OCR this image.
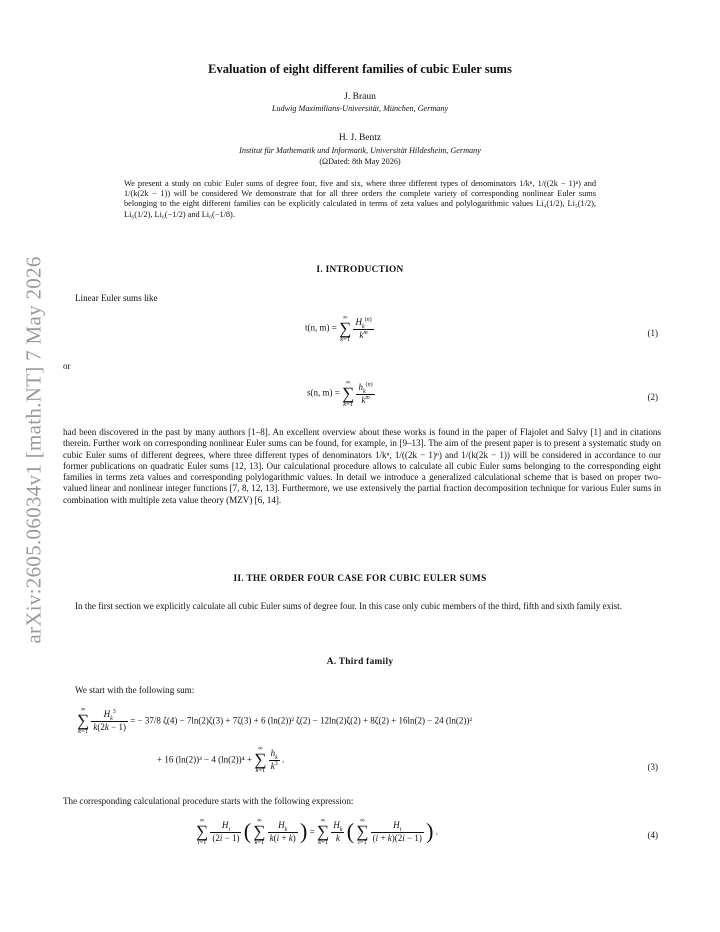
arXiv:2605.06034v1 [math.NT] 7 May 2026
Evaluation of eight different families of cubic Euler sums
J. Braun
Ludwig Maximilians-Universität, München, Germany
H. J. Bentz
Institut für Mathematik und Informatik, Universität Hildesheim, Germany
(ΩDated: 8th May 2026)
We present a study on cubic Euler sums of degree four, five and six, where three different types of denominators 1/kⁿ, 1/((2k − 1)ⁿ) and 1/(k(2k − 1)) will be considered We demonstrate that for all three orders the complete variety of corresponding nonlinear Euler sums belonging to the eight different families can be explicitly calculated in terms of zeta values and polylogarithmic values Li₄(1/2), Li₅(1/2), Li₆(1/2), Li₆(−1/2) and Li₆(−1/8).
I. INTRODUCTION
Linear Euler sums like
t(n, m) = ∞
∑
$k=1 \frac{H_k^{(n)}}{k^m}$	(1)
or
s(n, m) = ∞
∑
$k=1 \frac{h_k^{(n)}}{k^m}$	(2)
had been discovered in the past by many authors [1–8]. An excellent overview about these works is found in the paper of Flajolet and Salvy [1] and in citations therein. Further work on corresponding nonlinear Euler sums can be found, for example, in [9–13]. The aim of the present paper is to present a systematic study on cubic Euler sums of different degrees, where three different types of denominators 1/kⁿ, 1/((2k − 1)ⁿ) and 1/(k(2k − 1)) will be considered in accordance to our former publications on quadratic Euler sums [12, 13]. Our calculational procedure allows to calculate all cubic Euler sums belonging to the corresponding eight families in terms zeta values and corresponding polylogarithmic values. In detail we introduce a generalized calculational scheme that is based on proper two-valued linear and nonlinear integer functions [7, 8, 12, 13]. Furthermore, we use extensively the partial fraction decomposition technique for various Euler sums in combination with multiple zeta value theory (MZV) [6, 14].
II. THE ORDER FOUR CASE FOR CUBIC EULER SUMS
In the first section we explicitly calculate all cubic Euler sums of degree four. In this case only cubic members of the third, fifth and sixth family exist.
A. Third family
We start with the following sum:
∞
∑
$k=1 \frac{H_k^3}{k(2k - 1)}$ = − 37/8 ζ(4) − 7ln(2)ζ(3) + 7ζ(3) + 6 (ln(2))² ζ(2) − 12ln(2)ζ(2) + 8ζ(2) + 16ln(2) − 24 (ln(2))²
+ 16 (ln(2))³ − 4 (ln(2))⁴ + ∞
∑
$k=1 \frac{h_k}{k^3}$ .
(3)
The corresponding calculational procedure starts with the following expression:
∞
∑
$i=1 \frac{H_i}{(2i - 1)}$ ( ∞
∑
$k=1 \frac{H_k}{k(i + k)}$ ) = ∞
∑
$k=1 \frac{H_k}{k}$ ( ∞
∑
$i=1 \frac{H_i}{(i + k)(2i - 1)}$ ) .	(4)
